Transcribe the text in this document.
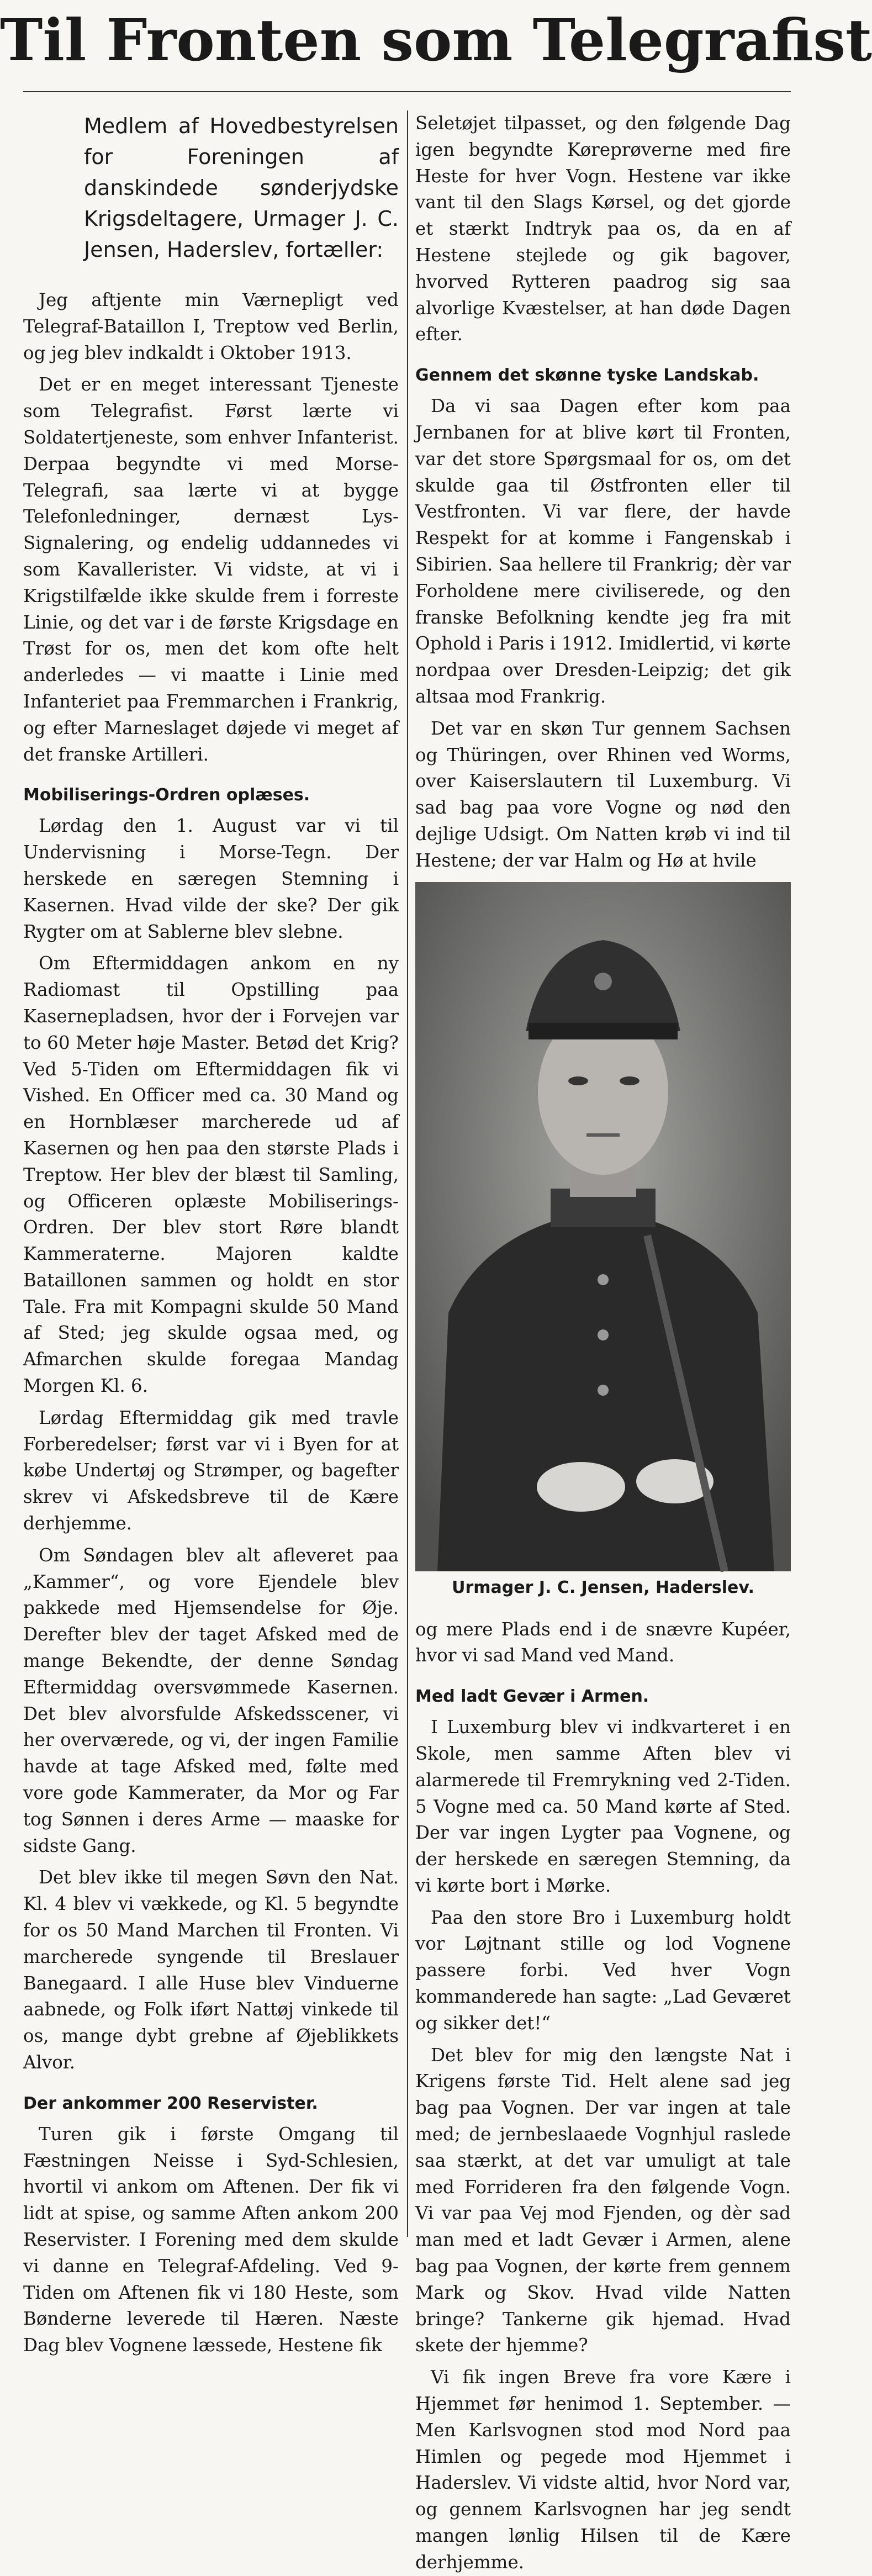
Til Fronten som Telegrafist

Medlem af Hovedbestyrelsen for Foreningen af danskindede sønderjydske Krigsdeltagere, Urmager J. C. Jensen, Haderslev, fortæller:

Jeg aftjente min Værnepligt ved Telegraf-Bataillon I, Treptow ved Berlin, og jeg blev indkaldt i Oktober 1913.

Det er en meget interessant Tjeneste som Telegrafist. Først lærte vi Soldatertjeneste, som enhver Infanterist. Derpaa begyndte vi med Morse-Telegrafi, saa lærte vi at bygge Telefonledninger, dernæst Lys-Signalering, og endelig uddannedes vi som Kavallerister. Vi vidste, at vi i Krigstilfælde ikke skulde frem i forreste Linie, og det var i de første Krigsdage en Trøst for os, men det kom ofte helt anderledes — vi maatte i Linie med Infanteriet paa Fremmarchen i Frankrig, og efter Marneslaget døjede vi meget af det franske Artilleri.

Mobiliserings-Ordren oplæses.

Lørdag den 1. August var vi til Undervisning i Morse-Tegn. Der herskede en særegen Stemning i Kasernen. Hvad vilde der ske? Der gik Rygter om at Sablerne blev slebne.

Om Eftermiddagen ankom en ny Radiomast til Opstilling paa Kasernepladsen, hvor der i Forvejen var to 60 Meter høje Master. Betød det Krig? Ved 5-Tiden om Eftermiddagen fik vi Vished. En Officer med ca. 30 Mand og en Hornblæser marcherede ud af Kasernen og hen paa den største Plads i Treptow. Her blev der blæst til Samling, og Officeren oplæste Mobiliserings-Ordren. Der blev stort Røre blandt Kammeraterne. Majoren kaldte Bataillonen sammen og holdt en stor Tale. Fra mit Kompagni skulde 50 Mand af Sted; jeg skulde ogsaa med, og Afmarchen skulde foregaa Mandag Morgen Kl. 6.

Lørdag Eftermiddag gik med travle Forberedelser; først var vi i Byen for at købe Undertøj og Strømper, og bagefter skrev vi Afskedsbreve til de Kære derhjemme.

Om Søndagen blev alt afleveret paa „Kammer“, og vore Ejendele blev pakkede med Hjemsendelse for Øje. Derefter blev der taget Afsked med de mange Bekendte, der denne Søndag Eftermiddag oversvømmede Kasernen. Det blev alvorsfulde Afskedsscener, vi her overværede, og vi, der ingen Familie havde at tage Afsked med, følte med vore gode Kammerater, da Mor og Far tog Sønnen i deres Arme — maaske for sidste Gang.

Det blev ikke til megen Søvn den Nat. Kl. 4 blev vi vækkede, og Kl. 5 begyndte for os 50 Mand Marchen til Fronten. Vi marcherede syngende til Breslauer Banegaard. I alle Huse blev Vinduerne aabnede, og Folk iført Nattøj vinkede til os, mange dybt grebne af Øjeblikkets Alvor.

Der ankommer 200 Reservister.

Turen gik i første Omgang til Fæstningen Neisse i Syd-Schlesien, hvortil vi ankom om Aftenen. Der fik vi lidt at spise, og samme Aften ankom 200 Reservister. I Forening med dem skulde vi danne en Telegraf-Afdeling. Ved 9-Tiden om Aftenen fik vi 180 Heste, som Bønderne leverede til Hæren. Næste Dag blev Vognene læssede, Hestene fik

Seletøjet tilpasset, og den følgende Dag igen begyndte Køreprøverne med fire Heste for hver Vogn. Hestene var ikke vant til den Slags Kørsel, og det gjorde et stærkt Indtryk paa os, da en af Hestene stejlede og gik bagover, hvorved Rytteren paadrog sig saa alvorlige Kvæstelser, at han døde Dagen efter.

Gennem det skønne tyske Landskab.

Da vi saa Dagen efter kom paa Jernbanen for at blive kørt til Fronten, var det store Spørgsmaal for os, om det skulde gaa til Østfronten eller til Vestfronten. Vi var flere, der havde Respekt for at komme i Fangenskab i Sibirien. Saa hellere til Frankrig; dèr var Forholdene mere civiliserede, og den franske Befolkning kendte jeg fra mit Ophold i Paris i 1912. Imidlertid, vi kørte nordpaa over Dresden-Leipzig; det gik altsaa mod Frankrig.

Det var en skøn Tur gennem Sachsen og Thüringen, over Rhinen ved Worms, over Kaiserslautern til Luxemburg. Vi sad bag paa vore Vogne og nød den dejlige Udsigt. Om Natten krøb vi ind til Hestene; der var Halm og Hø at hvile

Urmager J. C. Jensen, Haderslev.

og mere Plads end i de snævre Kupéer, hvor vi sad Mand ved Mand.

Med ladt Gevær i Armen.

I Luxemburg blev vi indkvarteret i en Skole, men samme Aften blev vi alarmerede til Fremrykning ved 2-Tiden. 5 Vogne med ca. 50 Mand kørte af Sted. Der var ingen Lygter paa Vognene, og der herskede en særegen Stemning, da vi kørte bort i Mørke.

Paa den store Bro i Luxemburg holdt vor Løjtnant stille og lod Vognene passere forbi. Ved hver Vogn kommanderede han sagte: „Lad Geværet og sikker det!“

Det blev for mig den længste Nat i Krigens første Tid. Helt alene sad jeg bag paa Vognen. Der var ingen at tale med; de jernbeslaaede Vognhjul raslede saa stærkt, at det var umuligt at tale med Forrideren fra den følgende Vogn. Vi var paa Vej mod Fjenden, og dèr sad man med et ladt Gevær i Armen, alene bag paa Vognen, der kørte frem gennem Mark og Skov. Hvad vilde Natten bringe? Tankerne gik hjemad. Hvad skete der hjemme?

Vi fik ingen Breve fra vore Kære i Hjemmet før henimod 1. September. — Men Karlsvognen stod mod Nord paa Himlen og pegede mod Hjemmet i Haderslev. Vi vidste altid, hvor Nord var, og gennem Karlsvognen har jeg sendt mangen lønlig Hilsen til de Kære derhjemme.
